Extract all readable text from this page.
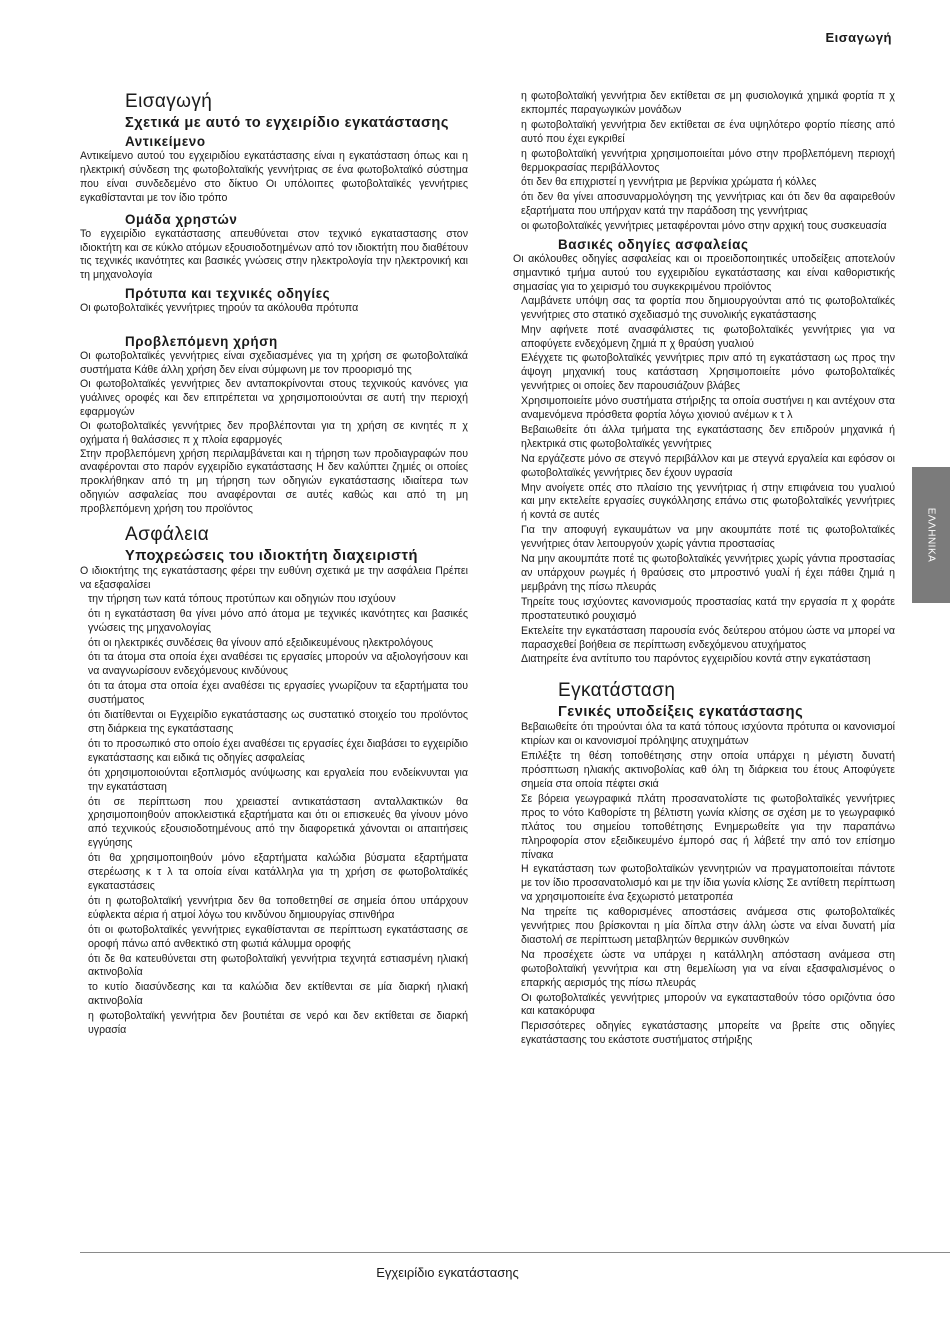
Εισαγωγή
ΕΛΛΗΝΙΚΑ
Εισαγωγή
Σχετικά με αυτό το εγχειρίδιο εγκατάστασης
Αντικείμενο

Αντικείμενο αυτού του εγχειριδίου εγκατάστασης είναι η εγκατάσταση όπως και η ηλεκτρική σύνδεση της φωτοβολταϊκής γεννήτριας σε ένα φωτοβολταϊκό σύστημα που είναι συνδεδεμένο στο δίκτυο Οι υπόλοιπες φωτοβολταϊκές γεννήτριες εγκαθίστανται με τον ίδιο τρόπο

Ομάδα χρηστών

Το εγχειρίδιο εγκατάστασης απευθύνεται στον τεχνικό εγκαταστασης στον ιδιοκτήτη και σε κύκλο ατόμων εξουσιοδοτημένων από τον ιδιοκτήτη που διαθέτουν τις τεχνικές ικανότητες και βασικές γνώσεις στην ηλεκτρολογία την ηλεκτρονική και τη μηχανολογία

Πρότυπα και τεχνικές οδηγίες

Οι φωτοβολταϊκές γεννήτριες τηρούν τα ακόλουθα πρότυπα

Προβλεπόμενη χρήση

Οι φωτοβολταϊκές γεννήτριες είναι σχεδιασμένες για τη χρήση σε φωτοβολταϊκά συστήματα Κάθε άλλη χρήση δεν είναι σύμφωνη με τον προορισμό της

Οι φωτοβολταϊκές γεννήτριες δεν ανταποκρίνονται στους τεχνικούς κανόνες για γυάλινες οροφές και δεν επιτρέπεται να χρησιμοποιούνται σε αυτή την περιοχή εφαρμογών

Οι φωτοβολταϊκές γεννήτριες δεν προβλέπονται για τη χρήση σε κινητές π χ οχήματα ή θαλάσσιες π χ πλοία εφαρμογές

Στην προβλεπόμενη χρήση περιλαμβάνεται και η τήρηση των προδιαγραφών που αναφέρονται στο παρόν εγχειρίδιο εγκατάστασης Η δεν καλύπτει ζημιές οι οποίες προκλήθηκαν από τη μη τήρηση των οδηγιών εγκατάστασης ιδιαίτερα των οδηγιών ασφαλείας που αναφέρονται σε αυτές καθώς και από τη μη προβλεπόμενη χρήση του προϊόντος

Ασφάλεια
Υποχρεώσεις του ιδιοκτήτη διαχειριστή

Ο ιδιοκτήτης της εγκατάστασης φέρει την ευθύνη σχετικά με την ασφάλεια Πρέπει να εξασφαλίσει

την τήρηση των κατά τόπους προτύπων και οδηγιών που ισχύουν
ότι η εγκατάσταση θα γίνει μόνο από άτομα με τεχνικές ικανότητες και βασικές γνώσεις της μηχανολογίας
ότι οι ηλεκτρικές συνδέσεις θα γίνουν από εξειδικευμένους ηλεκτρολόγους
ότι τα άτομα στα οποία έχει αναθέσει τις εργασίες μπορούν να αξιολογήσουν και να αναγνωρίσουν ενδεχόμενους κινδύνους
ότι τα άτομα στα οποία έχει αναθέσει τις εργασίες γνωρίζουν τα εξαρτήματα του συστήματος
ότι διατίθενται οι Εγχειρίδιο εγκατάστασης ως συστατικό στοιχείο του προϊόντος στη διάρκεια της εγκατάστασης
ότι το προσωπικό στο οποίο έχει αναθέσει τις εργασίες έχει διαβάσει το εγχειρίδιο εγκατάστασης και ειδικά τις οδηγίες ασφαλείας
ότι χρησιμοποιούνται εξοπλισμός ανύψωσης και εργαλεία που ενδείκνυνται για την εγκατάσταση
ότι σε περίπτωση που χρειαστεί αντικατάσταση ανταλλακτικών θα χρησιμοποιηθούν αποκλειστικά εξαρτήματα και ότι οι επισκευές θα γίνουν μόνο από τεχνικούς εξουσιοδοτημένους από την διαφορετικά χάνονται οι απαιτήσεις εγγύησης
ότι θα χρησιμοποιηθούν μόνο εξαρτήματα καλώδια βύσματα εξαρτήματα στερέωσης κ τ λ τα οποία είναι κατάλληλα για τη χρήση σε φωτοβολταϊκές εγκαταστάσεις
ότι η φωτοβολταϊκή γεννήτρια δεν θα τοποθετηθεί σε σημεία όπου υπάρχουν εύφλεκτα αέρια ή ατμοί λόγω του κινδύνου δημιουργίας σπινθήρα
ότι οι φωτοβολταϊκές γεννήτριες εγκαθίστανται σε περίπτωση εγκατάστασης σε οροφή πάνω από ανθεκτικό στη φωτιά κάλυμμα οροφής
ότι δε θα κατευθύνεται στη φωτοβολταϊκή γεννήτρια τεχνητά εστιασμένη ηλιακή ακτινοβολία
το κυτίο διασύνδεσης και τα καλώδια δεν εκτίθενται σε μία διαρκή ηλιακή ακτινοβολία
η φωτοβολταϊκή γεννήτρια δεν βουτιέται σε νερό και δεν εκτίθεται σε διαρκή υγρασία
η φωτοβολταϊκή γεννήτρια δεν εκτίθεται σε μη φυσιολογικά χημικά φορτία π χ εκπομπές παραγωγικών μονάδων
η φωτοβολταϊκή γεννήτρια δεν εκτίθεται σε ένα υψηλότερο φορτίο πίεσης από αυτό που έχει εγκριθεί
η φωτοβολταϊκή γεννήτρια χρησιμοποιείται μόνο στην προβλεπόμενη περιοχή θερμοκρασίας περιβάλλοντος
ότι δεν θα επιχριστεί η γεννήτρια με βερνίκια χρώματα ή κόλλες
ότι δεν θα γίνει αποσυναρμολόγηση της γεννήτριας και ότι δεν θα αφαιρεθούν εξαρτήματα που υπήρχαν κατά την παράδοση της γεννήτριας
οι φωτοβολταϊκές γεννήτριες μεταφέρονται μόνο στην αρχική τους συσκευασία
Βασικές οδηγίες ασφαλείας

Οι ακόλουθες οδηγίες ασφαλείας και οι προειδοποιητικές υποδείξεις αποτελούν σημαντικό τμήμα αυτού του εγχειριδίου εγκατάστασης και είναι καθοριστικής σημασίας για το χειρισμό του συγκεκριμένου προϊόντος

Λαμβάνετε υπόψη σας τα φορτία που δημιουργούνται από τις φωτοβολταϊκές γεννήτριες στο στατικό σχεδιασμό της συνολικής εγκατάστασης
Μην αφήνετε ποτέ ανασφάλιστες τις φωτοβολταϊκές γεννήτριες για να αποφύγετε ενδεχόμενη ζημιά π χ θραύση γυαλιού
Ελέγχετε τις φωτοβολταϊκές γεννήτριες πριν από τη εγκατάσταση ως προς την άψογη μηχανική τους κατάσταση Χρησιμοποιείτε μόνο φωτοβολταϊκές γεννήτριες οι οποίες δεν παρουσιάζουν βλάβες
Χρησιμοποιείτε μόνο συστήματα στήριξης τα οποία συστήνει η και αντέχουν στα αναμενόμενα πρόσθετα φορτία λόγω χιονιού ανέμων κ τ λ
Βεβαιωθείτε ότι άλλα τμήματα της εγκατάστασης δεν επιδρούν μηχανικά ή ηλεκτρικά στις φωτοβολταϊκές γεννήτριες
Να εργάζεστε μόνο σε στεγνό περιβάλλον και με στεγνά εργαλεία και εφόσον οι φωτοβολταϊκές γεννήτριες δεν έχουν υγρασία
Μην ανοίγετε οπές στο πλαίσιο της γεννήτριας ή στην επιφάνεια του γυαλιού και μην εκτελείτε εργασίες συγκόλλησης επάνω στις φωτοβολταϊκές γεννήτριες ή κοντά σε αυτές
Για την αποφυγή εγκαυμάτων να μην ακουμπάτε ποτέ τις φωτοβολταϊκές γεννήτριες όταν λειτουργούν χωρίς γάντια προστασίας
Να μην ακουμπάτε ποτέ τις φωτοβολταϊκές γεννήτριες χωρίς γάντια προστασίας αν υπάρχουν ρωγμές ή θραύσεις στο μπροστινό γυαλί ή έχει πάθει ζημιά η μεμβράνη της πίσω πλευράς
Τηρείτε τους ισχύοντες κανονισμούς προστασίας κατά την εργασία π χ φοράτε προστατευτικό ρουχισμό
Εκτελείτε την εγκατάσταση παρουσία ενός δεύτερου ατόμου ώστε να μπορεί να παρασχεθεί βοήθεια σε περίπτωση ενδεχόμενου ατυχήματος
Διατηρείτε ένα αντίτυπο του παρόντος εγχειριδίου κοντά στην εγκατάσταση
Εγκατάσταση
Γενικές υποδείξεις εγκατάστασης
Βεβαιωθείτε ότι τηρούνται όλα τα κατά τόπους ισχύοντα πρότυπα οι κανονισμοί κτιρίων και οι κανονισμοί πρόληψης ατυχημάτων
Επιλέξτε τη θέση τοποθέτησης στην οποία υπάρχει η μέγιστη δυνατή πρόσπτωση ηλιακής ακτινοβολίας καθ όλη τη διάρκεια του έτους Αποφύγετε σημεία στα οποία πέφτει σκιά
Σε βόρεια γεωγραφικά πλάτη προσανατολίστε τις φωτοβολταϊκές γεννήτριες προς το νότο Καθορίστε τη βέλτιστη γωνία κλίσης σε σχέση με το γεωγραφικό πλάτος του σημείου τοποθέτησης Ενημερωθείτε για την παραπάνω πληροφορία στον εξειδικευμένο έμπορό σας ή λάβετέ την από τον επίσημο πίνακα
Η εγκατάσταση των φωτοβολταϊκών γεννητριών να πραγματοποιείται πάντοτε με τον ίδιο προσανατολισμό και με την ίδια γωνία κλίσης Σε αντίθετη περίπτωση να χρησιμοποιείτε ένα ξεχωριστό μετατροπέα
Να τηρείτε τις καθορισμένες αποστάσεις ανάμεσα στις φωτοβολταϊκές γεννήτριες που βρίσκονται η μία δίπλα στην άλλη ώστε να είναι δυνατή μία διαστολή σε περίπτωση μεταβλητών θερμικών συνθηκών
Να προσέχετε ώστε να υπάρχει η κατάλληλη απόσταση ανάμεσα στη φωτοβολταϊκή γεννήτρια και στη θεμελίωση για να είναι εξασφαλισμένος ο επαρκής αερισμός της πίσω πλευράς
Οι φωτοβολταϊκές γεννήτριες μπορούν να εγκατασταθούν τόσο οριζόντια όσο και κατακόρυφα
Περισσότερες οδηγίες εγκατάστασης μπορείτε να βρείτε στις οδηγίες εγκατάστασης του εκάστοτε συστήματος στήριξης
Εγχειρίδιο εγκατάστασης
